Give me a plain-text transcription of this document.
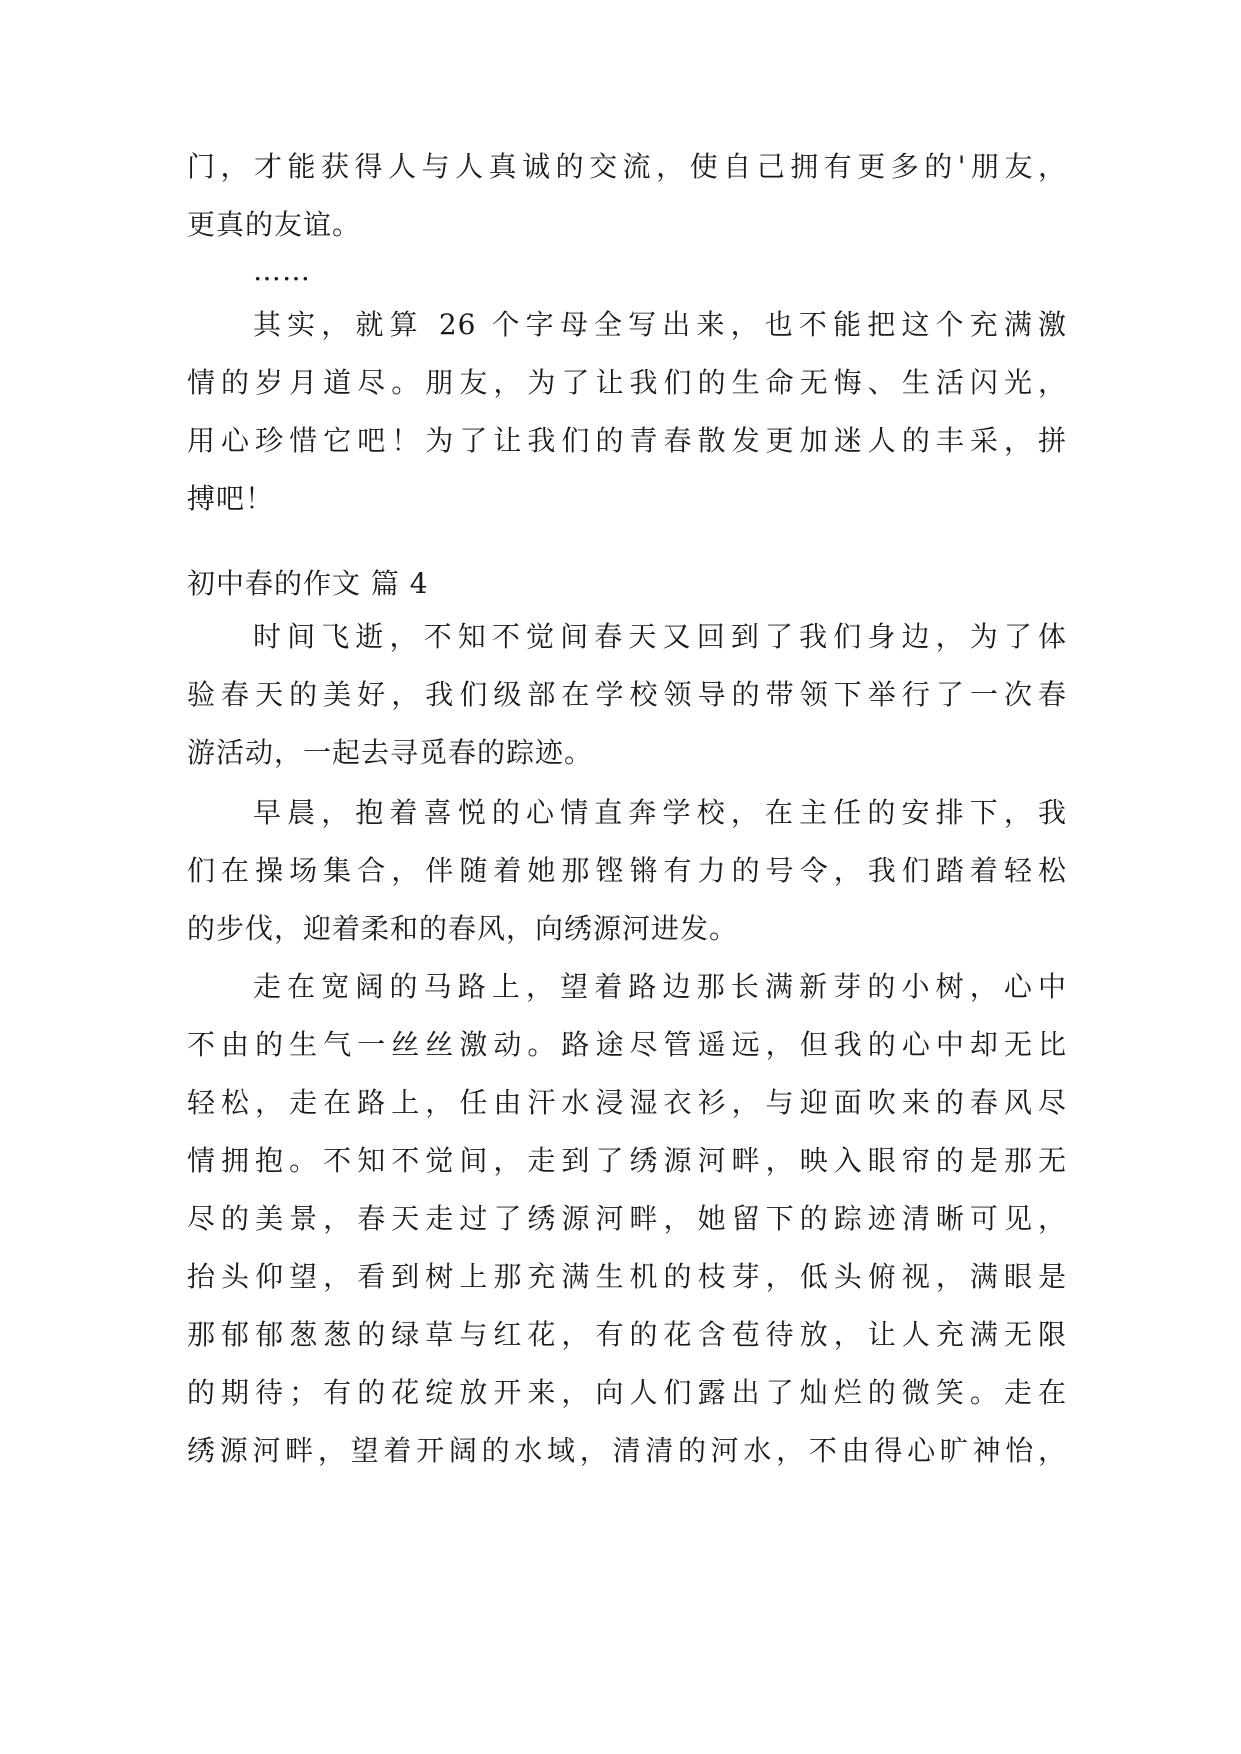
门，才能获得人与人真诚的交流，使自己拥有更多的'朋友，
更真的友谊。
……
其实，就算 26 个字母全写出来，也不能把这个充满激
情的岁月道尽。朋友，为了让我们的生命无悔、生活闪光，
用心珍惜它吧！为了让我们的青春散发更加迷人的丰采，拼
搏吧！
初中春的作文 篇 4
时间飞逝，不知不觉间春天又回到了我们身边，为了体
验春天的美好，我们级部在学校领导的带领下举行了一次春
游活动，一起去寻觅春的踪迹。
早晨，抱着喜悦的心情直奔学校，在主任的安排下，我
们在操场集合，伴随着她那铿锵有力的号令，我们踏着轻松
的步伐，迎着柔和的春风，向绣源河进发。
走在宽阔的马路上，望着路边那长满新芽的小树，心中
不由的生气一丝丝激动。路途尽管遥远，但我的心中却无比
轻松，走在路上，任由汗水浸湿衣衫，与迎面吹来的春风尽
情拥抱。不知不觉间，走到了绣源河畔，映入眼帘的是那无
尽的美景，春天走过了绣源河畔，她留下的踪迹清晰可见，
抬头仰望，看到树上那充满生机的枝芽，低头俯视，满眼是
那郁郁葱葱的绿草与红花，有的花含苞待放，让人充满无限
的期待；有的花绽放开来，向人们露出了灿烂的微笑。走在
绣源河畔，望着开阔的水域，清清的河水，不由得心旷神怡，
